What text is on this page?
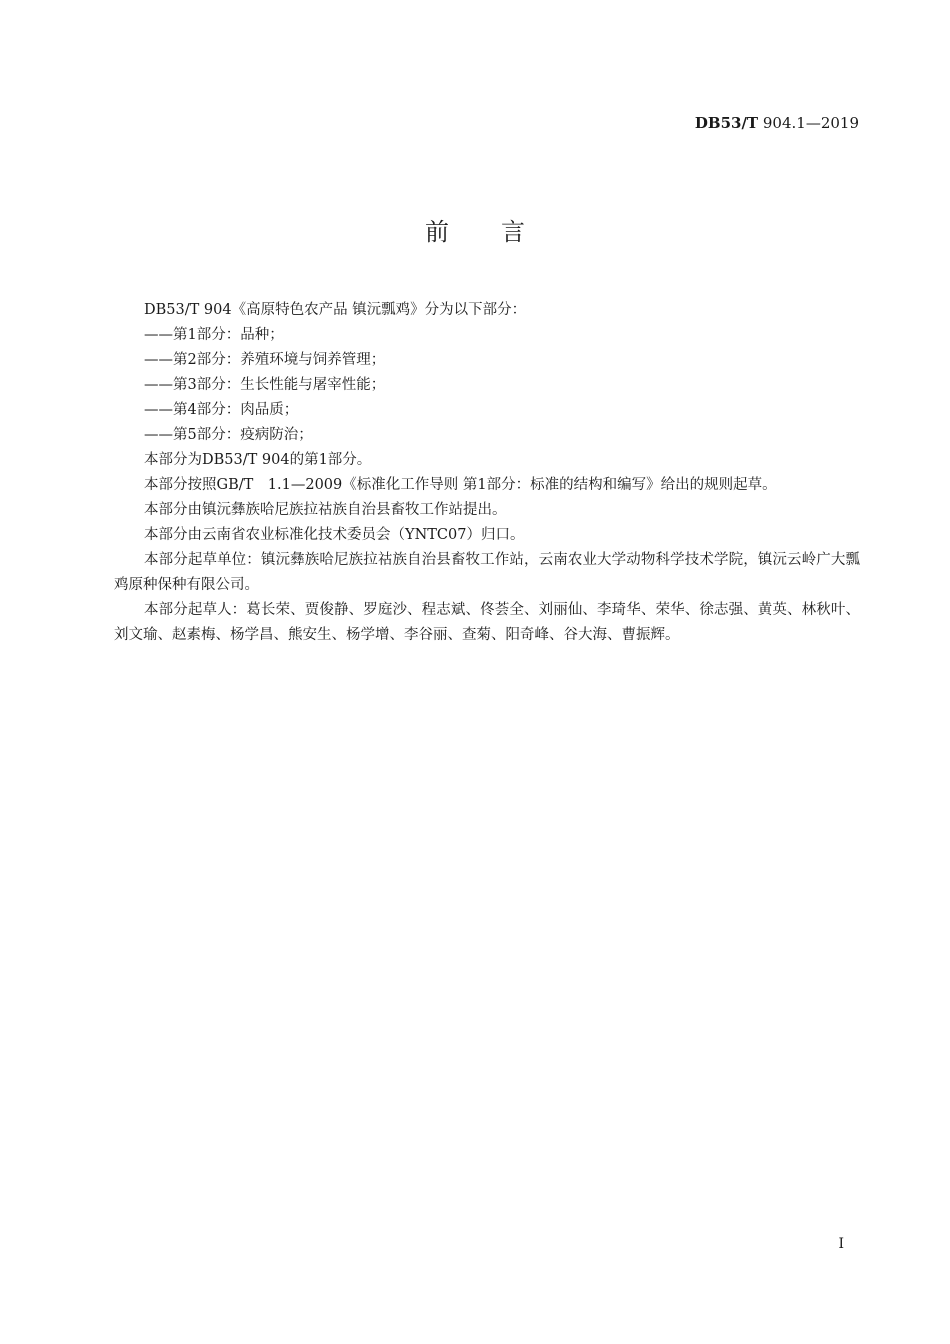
DB53/T 904.1—2019
前 言

DB53/T 904《高原特色农产品 镇沅瓢鸡》分为以下部分：

——第1部分：品种；

——第2部分：养殖环境与饲养管理；

——第3部分：生长性能与屠宰性能；

——第4部分：肉品质；

——第5部分：疫病防治；

本部分为DB53/T 904的第1部分。

本部分按照GB/T　1.1—2009《标准化工作导则 第1部分：标准的结构和编写》给出的规则起草。

本部分由镇沅彝族哈尼族拉祜族自治县畜牧工作站提出。

本部分由云南省农业标准化技术委员会（YNTC07）归口。

本部分起草单位：镇沅彝族哈尼族拉祜族自治县畜牧工作站，云南农业大学动物科学技术学院，镇沅云岭广大瓢鸡原种保种有限公司。

本部分起草人：葛长荣、贾俊静、罗庭沙、程志斌、佟荟全、刘丽仙、李琦华、荣华、徐志强、黄英、林秋叶、刘文瑜、赵素梅、杨学昌、熊安生、杨学增、李谷丽、查菊、阳奇峰、谷大海、曹振辉。

I
